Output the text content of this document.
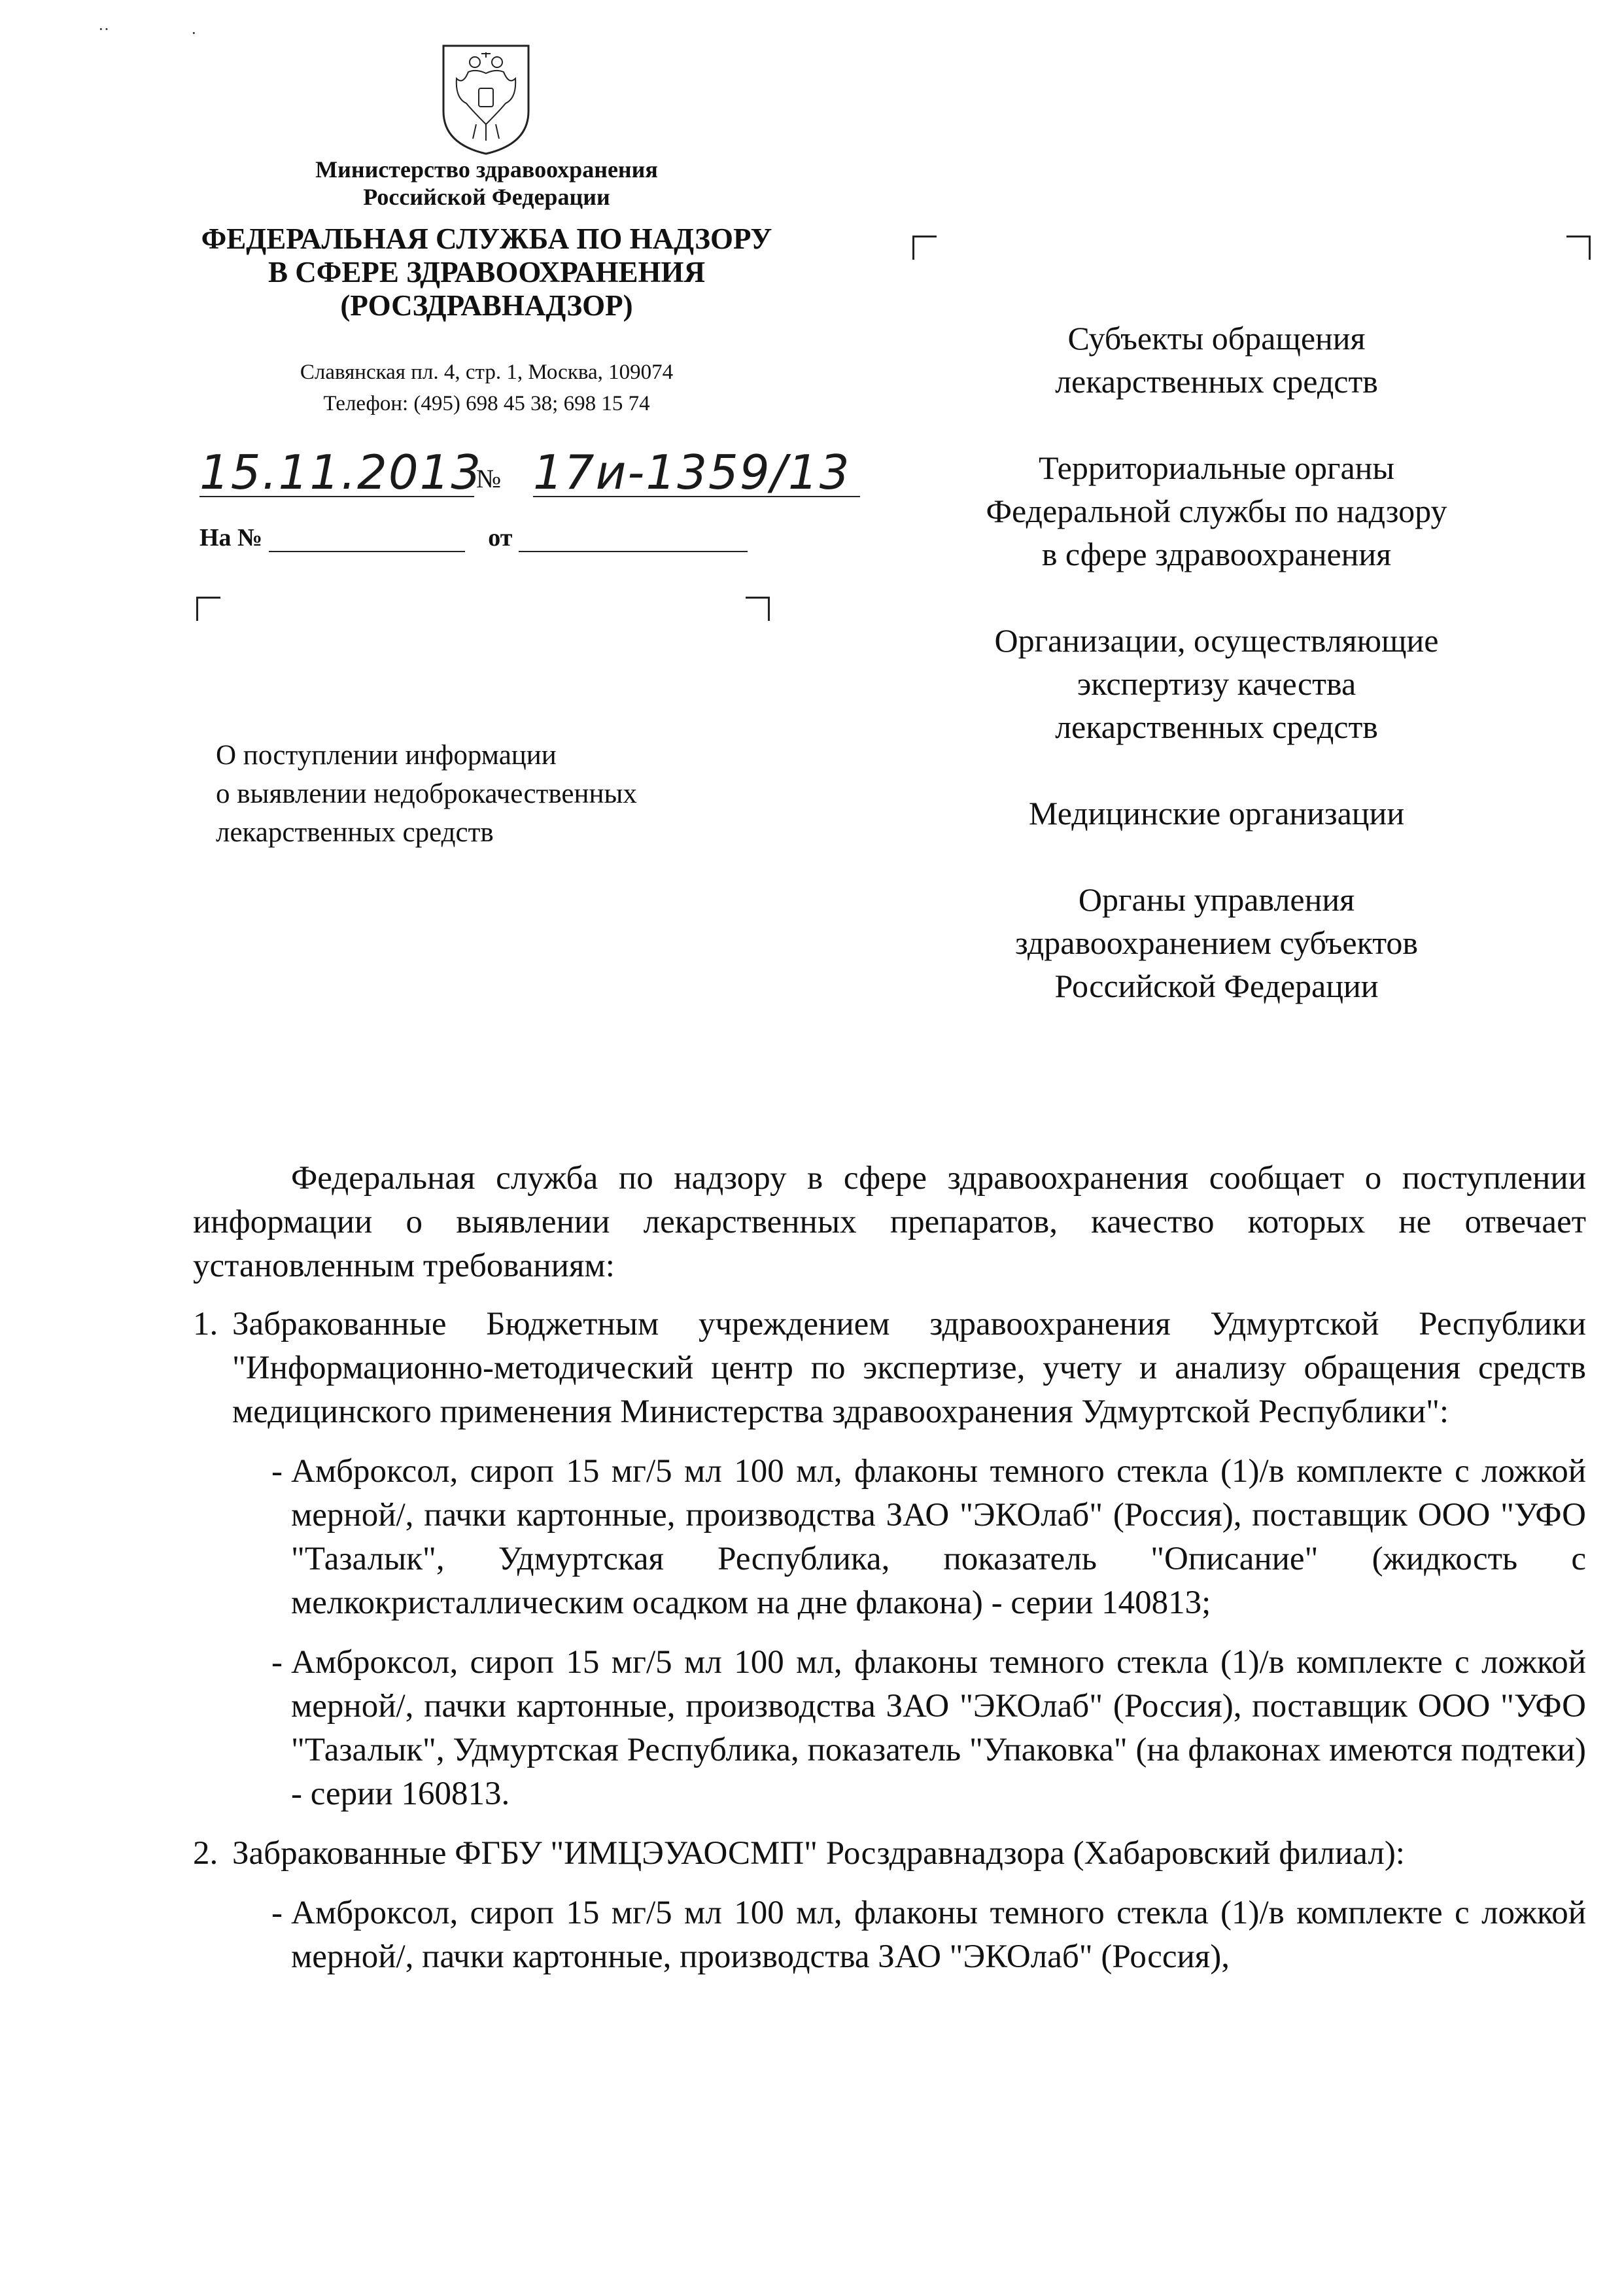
··	·
Министерство здравоохранения
Российской Федерации
ФЕДЕРАЛЬНАЯ СЛУЖБА ПО НАДЗОРУ
В СФЕРЕ ЗДРАВООХРАНЕНИЯ
(РОСЗДРАВНАДЗОР)
Славянская пл. 4, стр. 1, Москва, 109074
Телефон: (495) 698 45 38; 698 15 74
15.11.2013
№ 17и-1359/13
На №	от
О поступлении информации
о выявлении недоброкачественных
лекарственных средств
Субъекты обращения
лекарственных средств
Территориальные органы
Федеральной службы по надзору
в сфере здравоохранения
Организации, осуществляющие
экспертизу качества
лекарственных средств
Медицинские организации
Органы управления
здравоохранением субъектов
Российской Федерации

Федеральная служба по надзору в сфере здравоохранения сообщает о поступлении информации о выявлении лекарственных препаратов, качество которых не отвечает установленным требованиям:

1. Забракованные Бюджетным учреждением здравоохранения Удмуртской Республики "Информационно-методический центр по экспертизе, учету и анализу обращения средств медицинского применения Министерства здравоохранения Удмуртской Республики":
- Амброксол, сироп 15 мг/5 мл 100 мл, флаконы темного стекла (1)/в комплекте с ложкой мерной/, пачки картонные, производства ЗАО "ЭКОлаб" (Россия), поставщик ООО "УФО "Тазалык", Удмуртская Республика, показатель "Описание" (жидкость с мелкокристаллическим осадком на дне флакона) - серии 140813;
- Амброксол, сироп 15 мг/5 мл 100 мл, флаконы темного стекла (1)/в комплекте с ложкой мерной/, пачки картонные, производства ЗАО "ЭКОлаб" (Россия), поставщик ООО "УФО "Тазалык", Удмуртская Республика, показатель "Упаковка" (на флаконах имеются подтеки) - серии 160813.
2. Забракованные ФГБУ "ИМЦЭУАОСМП" Росздравнадзора (Хабаровский филиал):
- Амброксол, сироп 15 мг/5 мл 100 мл, флаконы темного стекла (1)/в комплекте с ложкой мерной/, пачки картонные, производства ЗАО "ЭКОлаб" (Россия),
